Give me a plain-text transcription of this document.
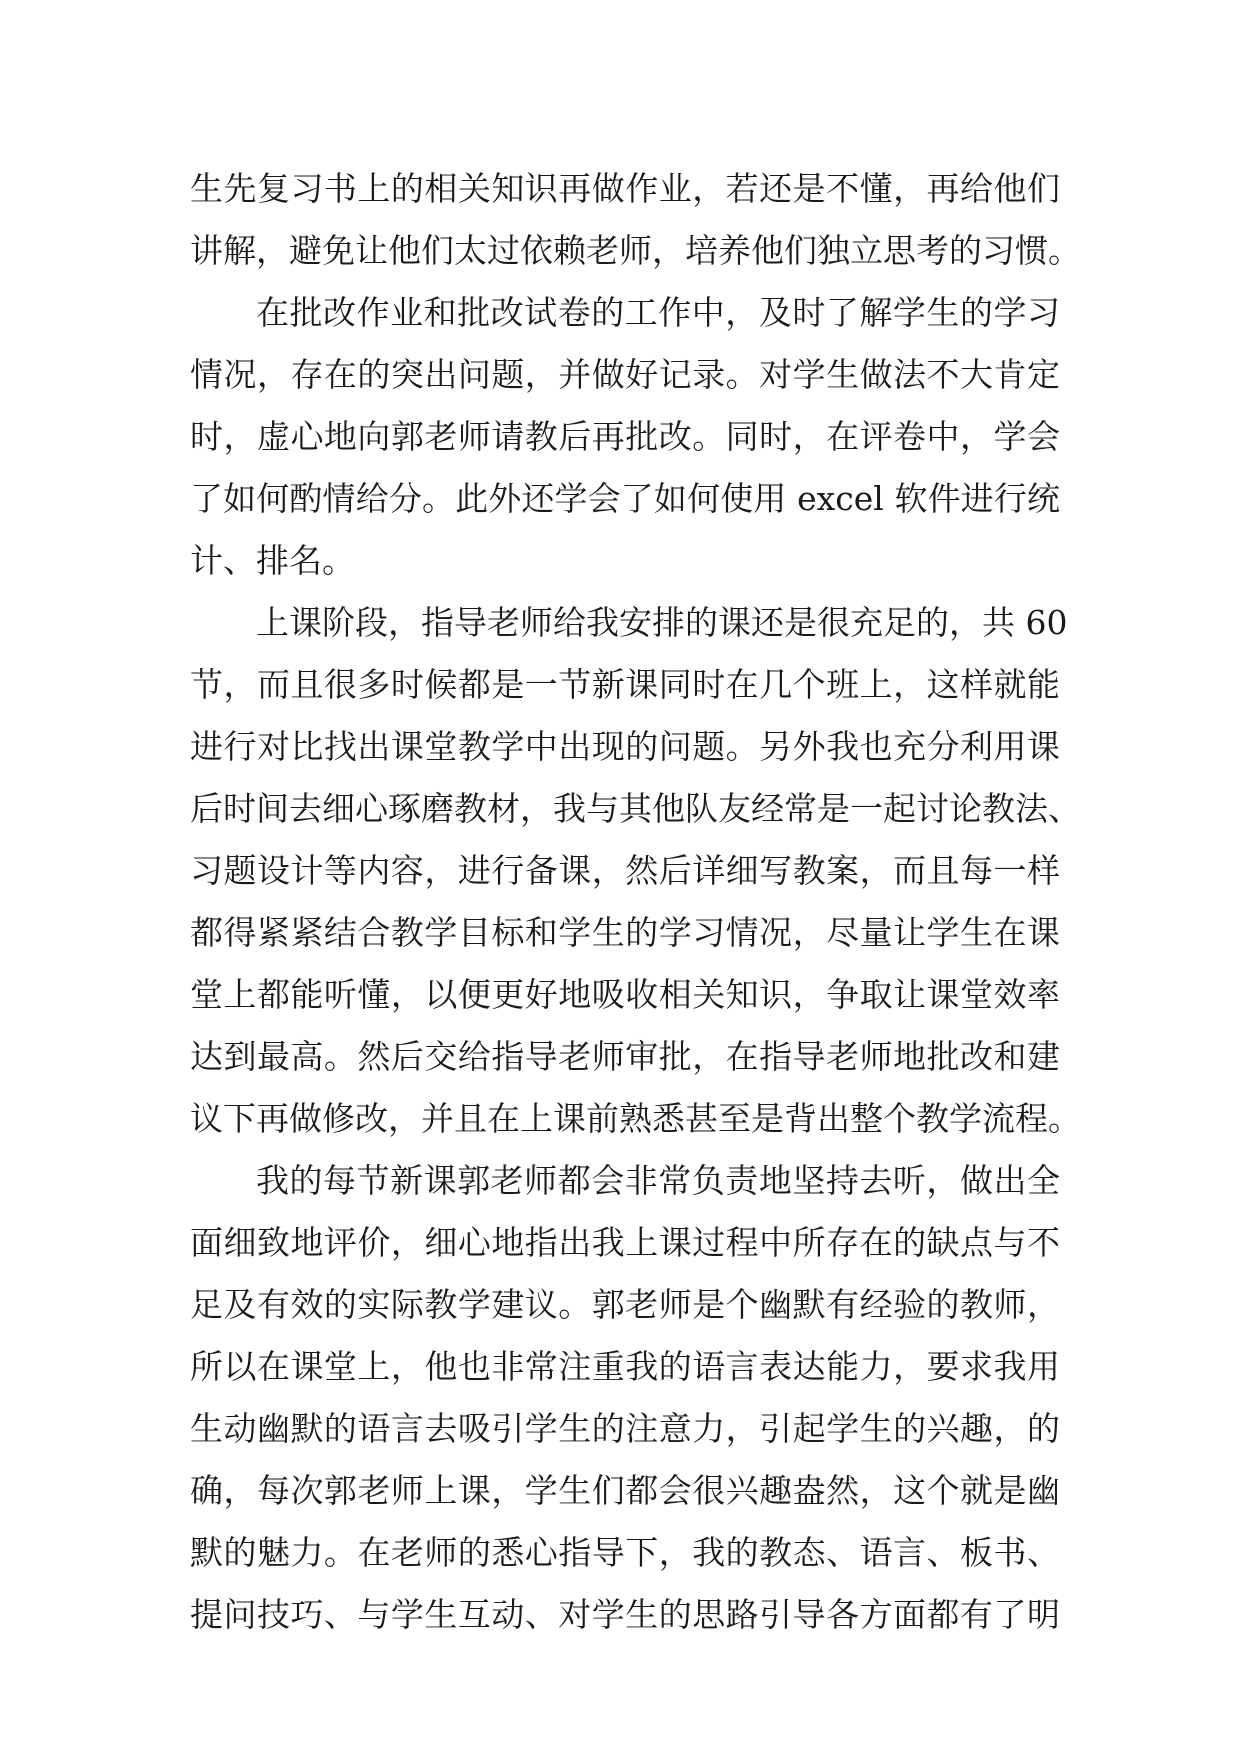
生先复习书上的相关知识再做作业，若还是不懂，再给他们
讲解，避免让他们太过依赖老师，培养他们独立思考的习惯。
在批改作业和批改试卷的工作中，及时了解学生的学习
情况，存在的突出问题，并做好记录。对学生做法不大肯定
时，虚心地向郭老师请教后再批改。同时，在评卷中，学会
了如何酌情给分。此外还学会了如何使用 excel 软件进行统
计、排名。
上课阶段，指导老师给我安排的课还是很充足的，共 60
节，而且很多时候都是一节新课同时在几个班上，这样就能
进行对比找出课堂教学中出现的问题。另外我也充分利用课
后时间去细心琢磨教材，我与其他队友经常是一起讨论教法、
习题设计等内容，进行备课，然后详细写教案，而且每一样
都得紧紧结合教学目标和学生的学习情况，尽量让学生在课
堂上都能听懂，以便更好地吸收相关知识，争取让课堂效率
达到最高。然后交给指导老师审批，在指导老师地批改和建
议下再做修改，并且在上课前熟悉甚至是背出整个教学流程。
我的每节新课郭老师都会非常负责地坚持去听，做出全
面细致地评价，细心地指出我上课过程中所存在的缺点与不
足及有效的实际教学建议。郭老师是个幽默有经验的教师，
所以在课堂上，他也非常注重我的语言表达能力，要求我用
生动幽默的语言去吸引学生的注意力，引起学生的兴趣，的
确，每次郭老师上课，学生们都会很兴趣盎然，这个就是幽
默的魅力。在老师的悉心指导下，我的教态、语言、板书、
提问技巧、与学生互动、对学生的思路引导各方面都有了明
